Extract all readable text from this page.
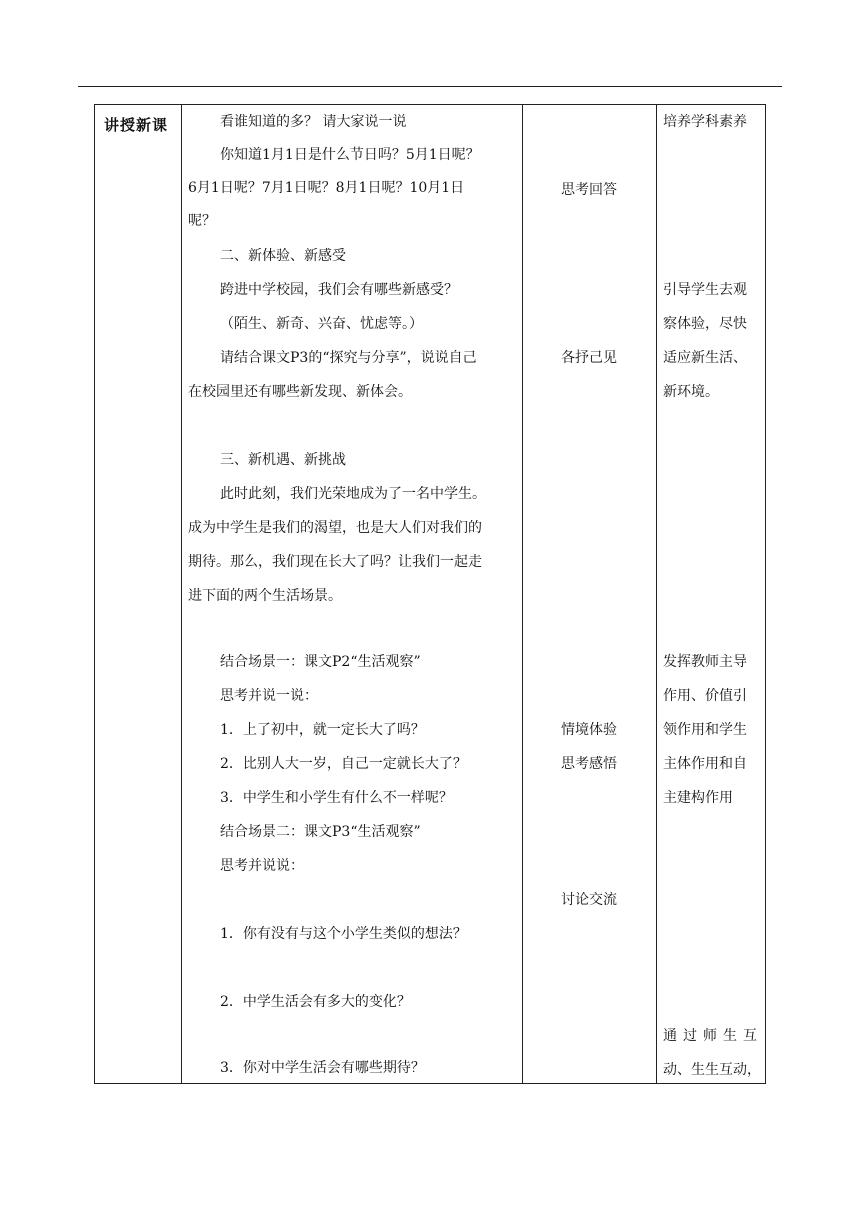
讲授新课	看谁知道的多？ 请大家说一说
你知道1月1日是什么节日吗？5月1日呢？
6月1日呢？7月1日呢？8月1日呢？10月1日
呢？
二、新体验、新感受
跨进中学校园，我们会有哪些新感受？
（陌生、新奇、兴奋、忧虑等。）
请结合课文P3的“探究与分享”，说说自己
在校园里还有哪些新发现、新体会。
三、新机遇、新挑战
此时此刻，我们光荣地成为了一名中学生。
成为中学生是我们的渴望，也是大人们对我们的
期待。那么，我们现在长大了吗？让我们一起走
进下面的两个生活场景。
结合场景一：课文P2“生活观察”
思考并说一说：
1．上了初中，就一定长大了吗？
2．比别人大一岁，自己一定就长大了？
3．中学生和小学生有什么不一样呢？
结合场景二：课文P3“生活观察”
思考并说说：
1．你有没有与这个小学生类似的想法？
2．中学生活会有多大的变化？
3．你对中学生活会有哪些期待？
思考回答
各抒己见
情境体验
思考感悟
讨论交流
培养学科素养
引导学生去观
察体验，尽快
适应新生活、
新环境。
发挥教师主导
作用、价值引
领作用和学生
主体作用和自
主建构作用
通过师生互
动、生生互动，
